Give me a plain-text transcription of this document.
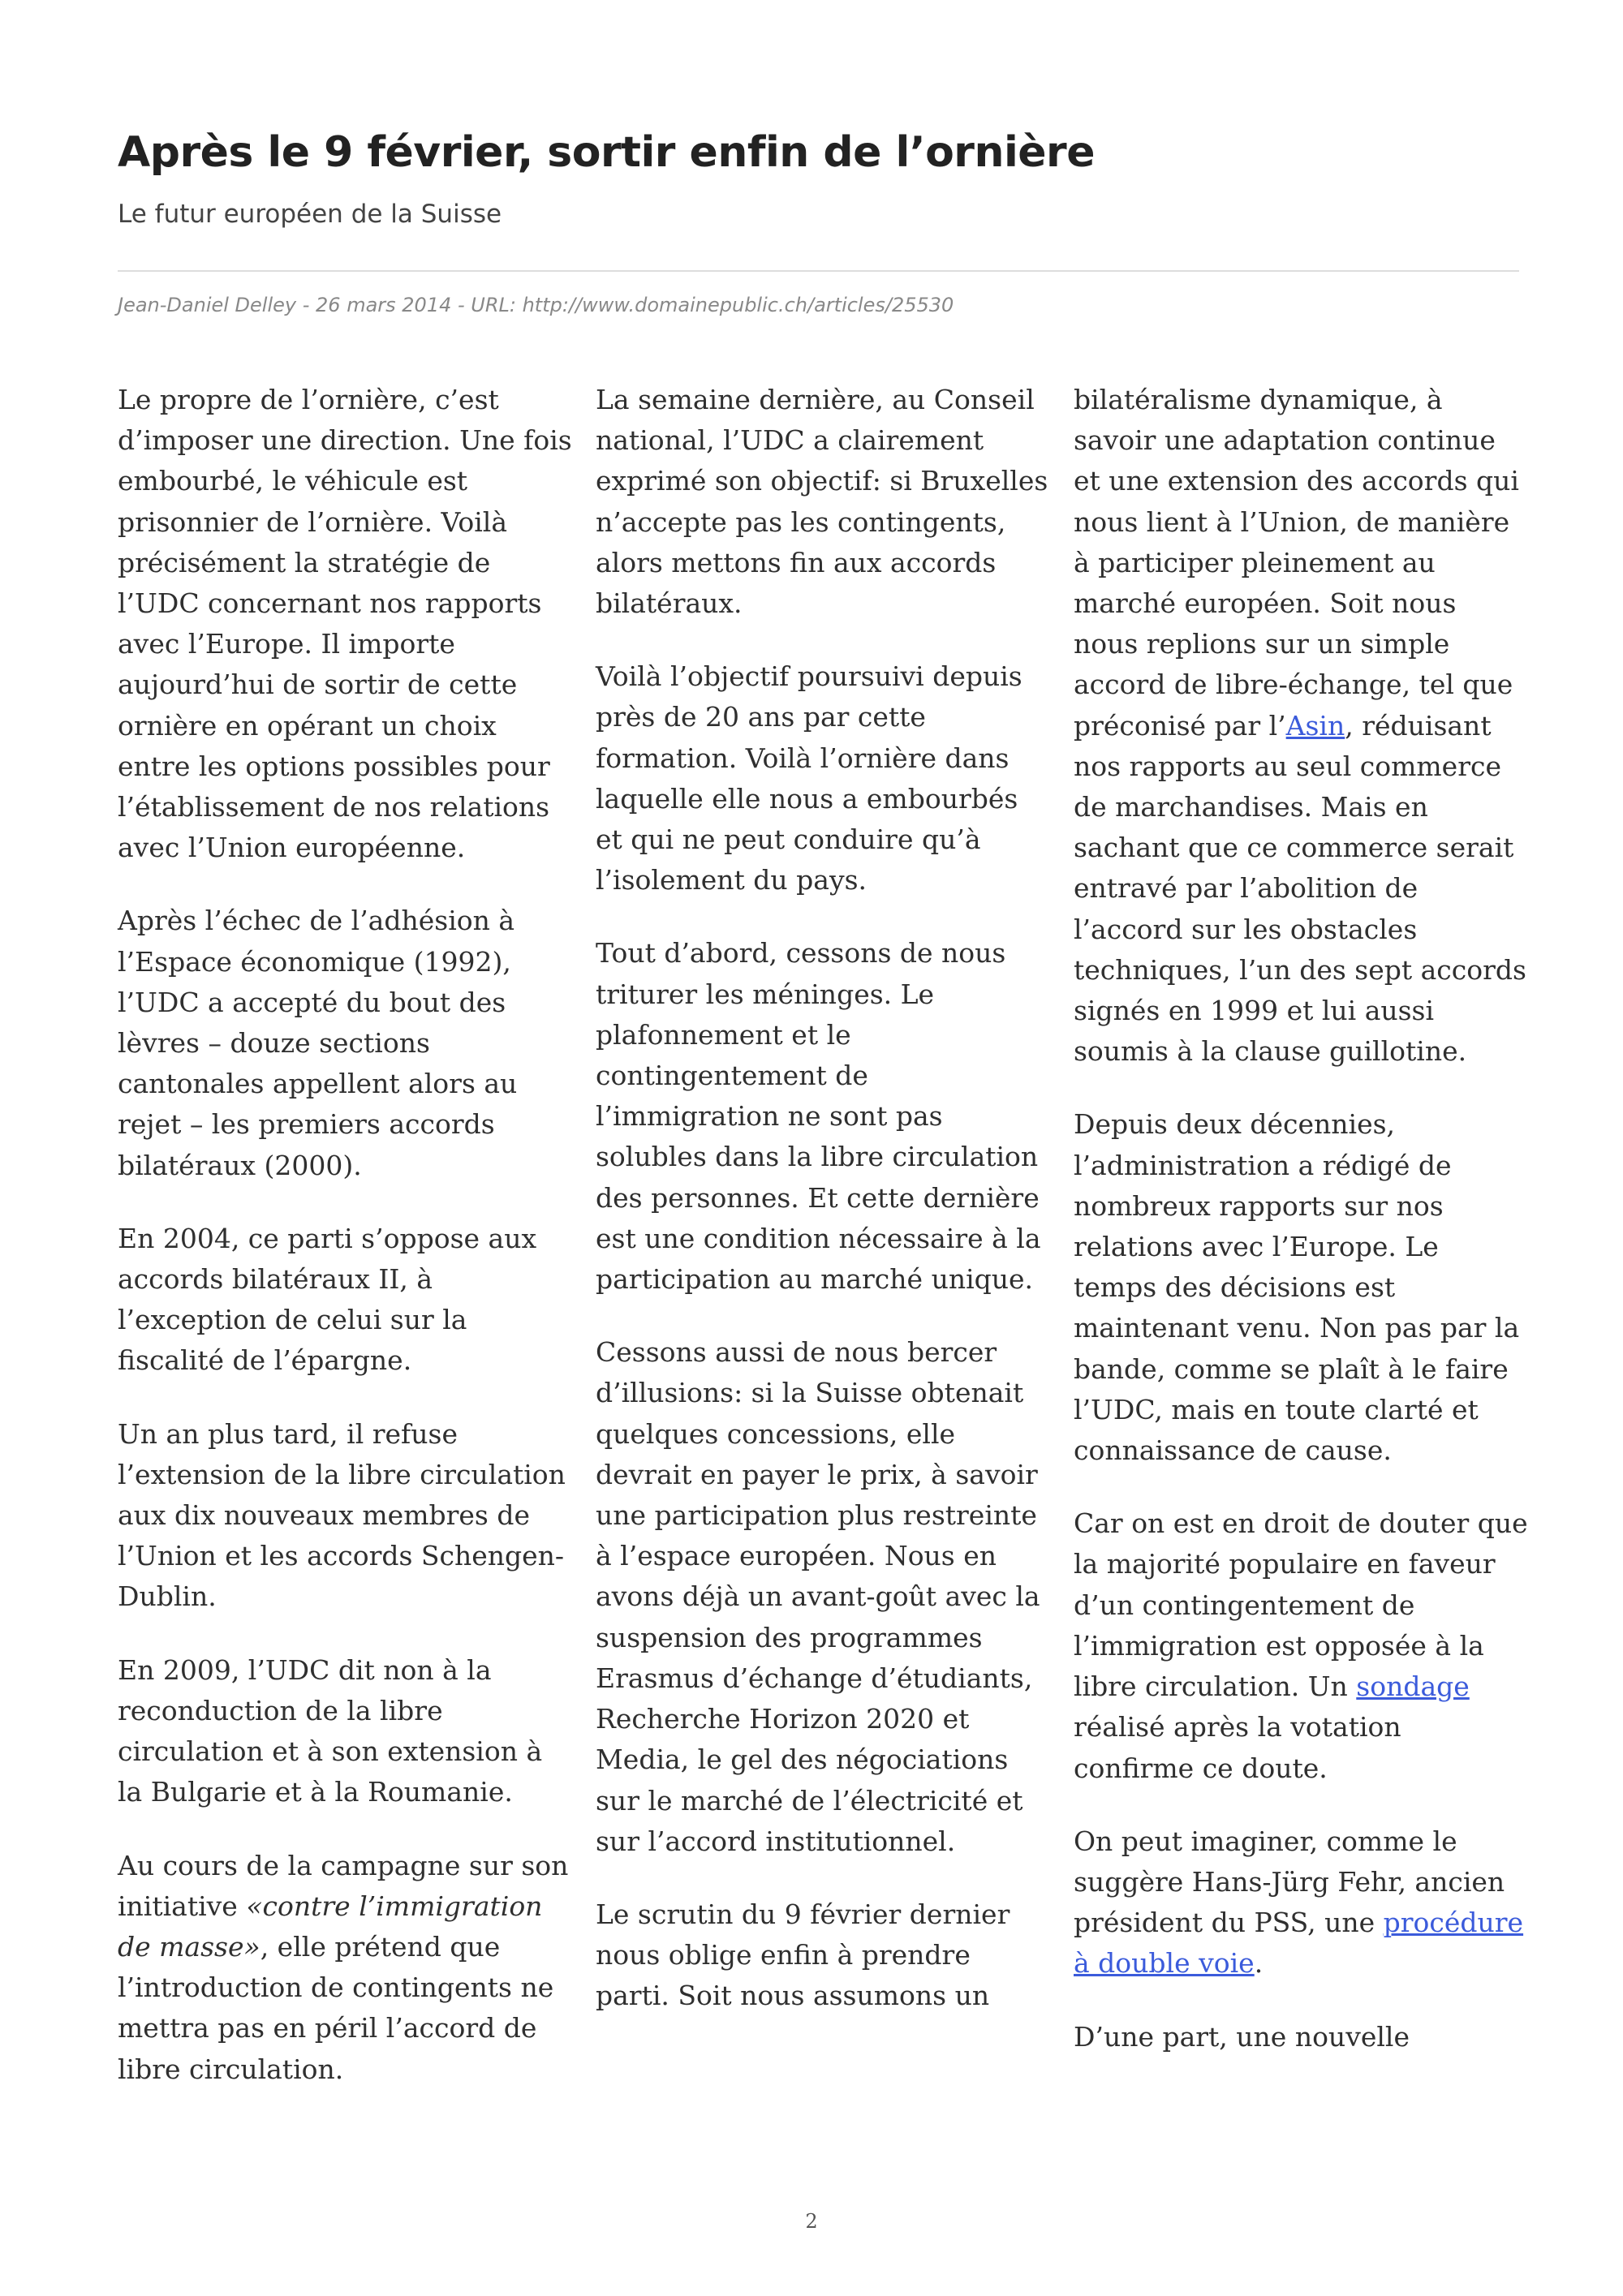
Après le 9 février, sortir enfin de l’ornière
Le futur européen de la Suisse
Jean-Daniel Delley - 26 mars 2014 - URL: http://www.domainepublic.ch/articles/25530

Le propre de l’ornière, c’est d’imposer une direction. Une fois embourbé, le véhicule est prisonnier de l’ornière. Voilà précisément la stratégie de l’UDC concernant nos rapports avec l’Europe. Il importe aujourd’hui de sortir de cette ornière en opérant un choix entre les options possibles pour l’établissement de nos relations avec l’Union européenne.

Après l’échec de l’adhésion à l’Espace économique (1992), l’UDC a accepté du bout des lèvres – douze sections cantonales appellent alors au rejet – les premiers accords bilatéraux (2000).

En 2004, ce parti s’oppose aux accords bilatéraux II, à l’exception de celui sur la fiscalité de l’épargne.

Un an plus tard, il refuse l’extension de la libre circulation aux dix nouveaux membres de l’Union et les accords Schengen-Dublin.

En 2009, l’UDC dit non à la reconduction de la libre circulation et à son extension à la Bulgarie et à la Roumanie.

Au cours de la campagne sur son initiative «contre l’immigration de masse», elle prétend que l’introduction de contingents ne mettra pas en péril l’accord de libre circulation.

La semaine dernière, au Conseil national, l’UDC a clairement exprimé son objectif: si Bruxelles n’accepte pas les contingents, alors mettons fin aux accords bilatéraux.

Voilà l’objectif poursuivi depuis près de 20 ans par cette formation. Voilà l’ornière dans laquelle elle nous a embourbés et qui ne peut conduire qu’à l’isolement du pays.

Tout d’abord, cessons de nous triturer les méninges. Le plafonnement et le contingentement de l’immigration ne sont pas solubles dans la libre circulation des personnes. Et cette dernière est une condition nécessaire à la participation au marché unique.

Cessons aussi de nous bercer d’illusions: si la Suisse obtenait quelques concessions, elle devrait en payer le prix, à savoir une participation plus restreinte à l’espace européen. Nous en avons déjà un avant-goût avec la suspension des programmes Erasmus d’échange d’étudiants, Recherche Horizon 2020 et Media, le gel des négociations sur le marché de l’électricité et sur l’accord institutionnel.

Le scrutin du 9 février dernier nous oblige enfin à prendre parti. Soit nous assumons un

bilatéralisme dynamique, à savoir une adaptation continue et une extension des accords qui nous lient à l’Union, de manière à participer pleinement au marché européen. Soit nous nous replions sur un simple accord de libre-échange, tel que préconisé par l’Asin, réduisant nos rapports au seul commerce de marchandises. Mais en sachant que ce commerce serait entravé par l’abolition de l’accord sur les obstacles techniques, l’un des sept accords signés en 1999 et lui aussi soumis à la clause guillotine.

Depuis deux décennies, l’administration a rédigé de nombreux rapports sur nos relations avec l’Europe. Le temps des décisions est maintenant venu. Non pas par la bande, comme se plaît à le faire l’UDC, mais en toute clarté et connaissance de cause.

Car on est en droit de douter que la majorité populaire en faveur d’un contingentement de l’immigration est opposée à la libre circulation. Un sondage réalisé après la votation confirme ce doute.

On peut imaginer, comme le suggère Hans-Jürg Fehr, ancien président du PSS, une procédure à double voie.

D’une part, une nouvelle

2
